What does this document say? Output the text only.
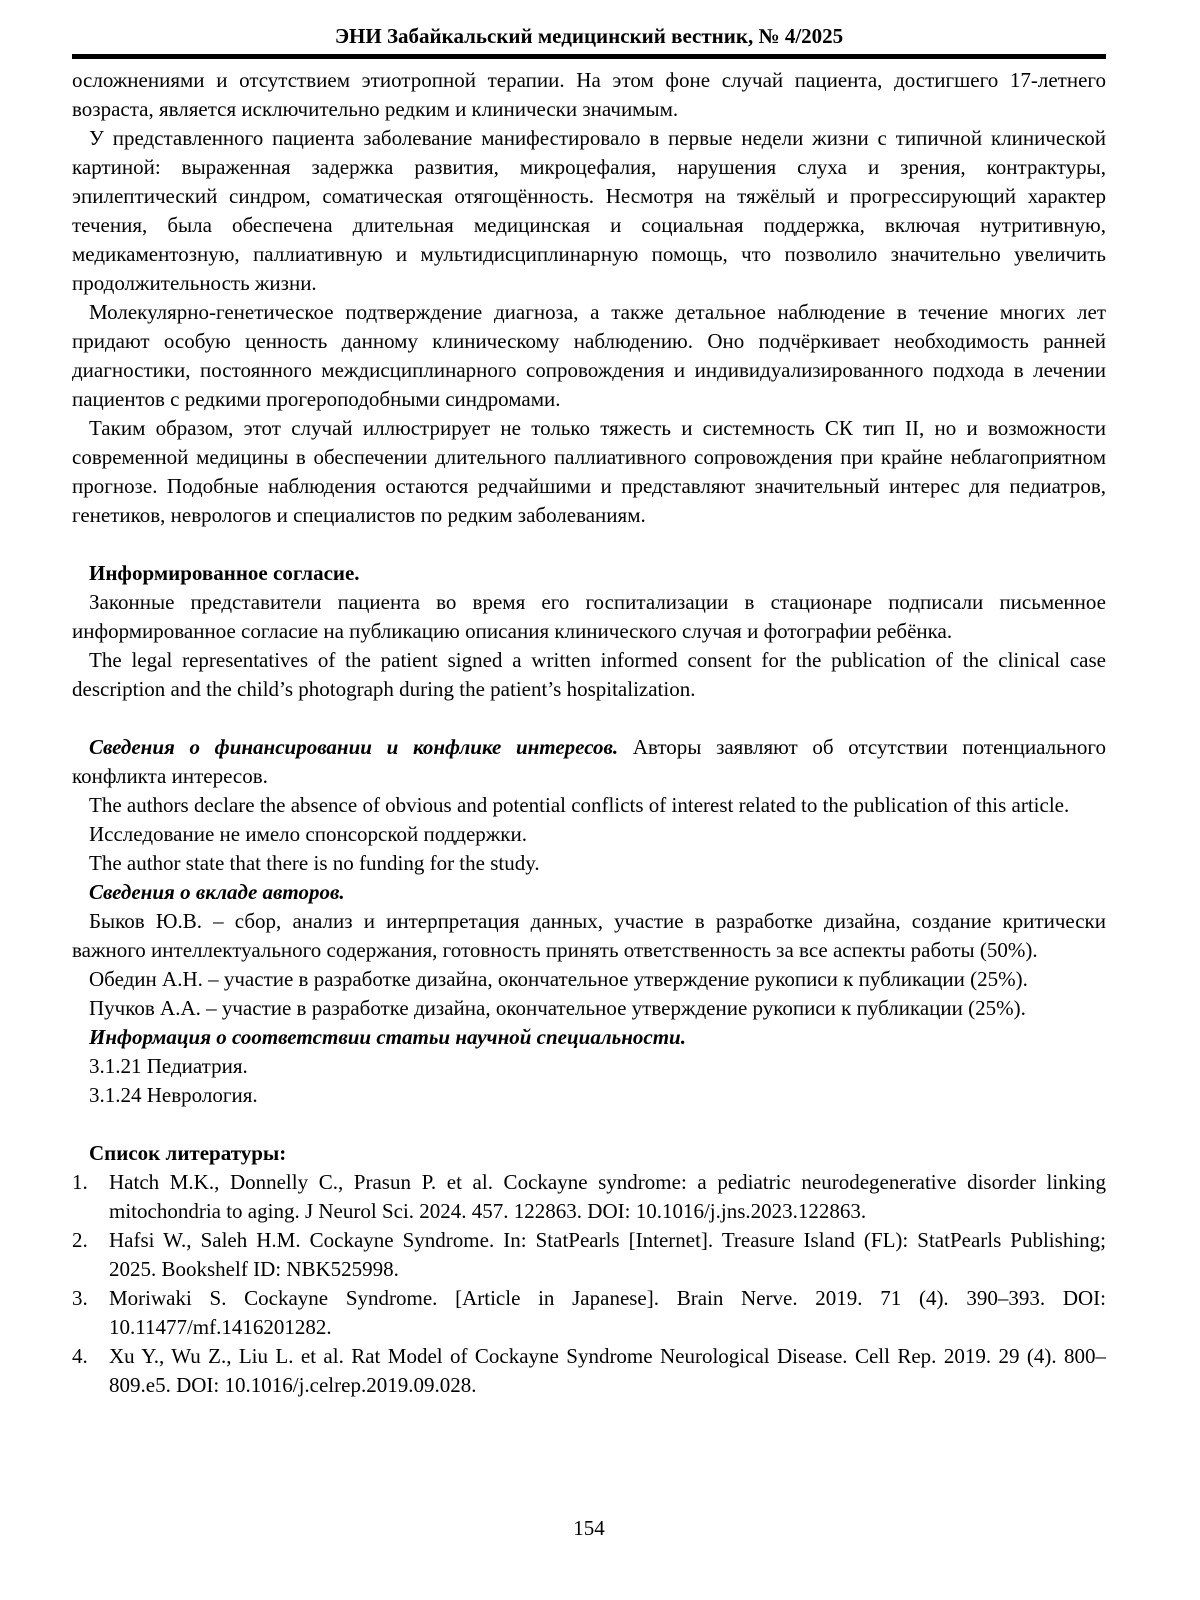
ЭНИ Забайкальский медицинский вестник, № 4/2025

осложнениями и отсутствием этиотропной терапии. На этом фоне случай пациента, достигшего 17-летнего возраста, является исключительно редким и клинически значимым.

У представленного пациента заболевание манифестировало в первые недели жизни с типичной клинической картиной: выраженная задержка развития, микроцефалия, нарушения слуха и зрения, контрактуры, эпилептический синдром, соматическая отягощённость. Несмотря на тяжёлый и прогрессирующий характер течения, была обеспечена длительная медицинская и социальная поддержка, включая нутритивную, медикаментозную, паллиативную и мультидисциплинарную помощь, что позволило значительно увеличить продолжительность жизни.

Молекулярно-генетическое подтверждение диагноза, а также детальное наблюдение в течение многих лет придают особую ценность данному клиническому наблюдению. Оно подчёркивает необходимость ранней диагностики, постоянного междисциплинарного сопровождения и индивидуализированного подхода в лечении пациентов с редкими прогероподобными синдромами.

Таким образом, этот случай иллюстрирует не только тяжесть и системность СК тип II, но и возможности современной медицины в обеспечении длительного паллиативного сопровождения при крайне неблагоприятном прогнозе. Подобные наблюдения остаются редчайшими и представляют значительный интерес для педиатров, генетиков, неврологов и специалистов по редким заболеваниям.

Информированное согласие.

Законные представители пациента во время его госпитализации в стационаре подписали письменное информированное согласие на публикацию описания клинического случая и фотографии ребёнка.

The legal representatives of the patient signed a written informed consent for the publication of the clinical case description and the child’s photograph during the patient’s hospitalization.

Сведения о финансировании и конфлике интересов. Авторы заявляют об отсутствии потенциального конфликта интересов.

The authors declare the absence of obvious and potential conflicts of interest related to the publication of this article.

Исследование не имело спонсорской поддержки.

The author state that there is no funding for the study.

Сведения о вкладе авторов.

Быков Ю.В. – сбор, анализ и интерпретация данных, участие в разработке дизайна, создание критически важного интеллектуального содержания, готовность принять ответственность за все аспекты работы (50%).

Обедин А.Н. – участие в разработке дизайна, окончательное утверждение рукописи к публикации (25%).

Пучков А.А. – участие в разработке дизайна, окончательное утверждение рукописи к публикации (25%).

Информация о соответствии статьи научной специальности.

3.1.21 Педиатрия.

3.1.24 Неврология.

Список литературы:
1. Hatch M.K., Donnelly C., Prasun P. et al. Cockayne syndrome: a pediatric neurodegenerative disorder linking mitochondria to aging. J Neurol Sci. 2024. 457. 122863. DOI: 10.1016/j.jns.2023.122863.
2. Hafsi W., Saleh H.M. Cockayne Syndrome. In: StatPearls [Internet]. Treasure Island (FL): StatPearls Publishing; 2025. Bookshelf ID: NBK525998.
3. Moriwaki S. Cockayne Syndrome. [Article in Japanese]. Brain Nerve. 2019. 71 (4). 390–393. DOI: 10.11477/mf.1416201282.
4. Xu Y., Wu Z., Liu L. et al. Rat Model of Cockayne Syndrome Neurological Disease. Cell Rep. 2019. 29 (4). 800–809.e5. DOI: 10.1016/j.celrep.2019.09.028.
154
